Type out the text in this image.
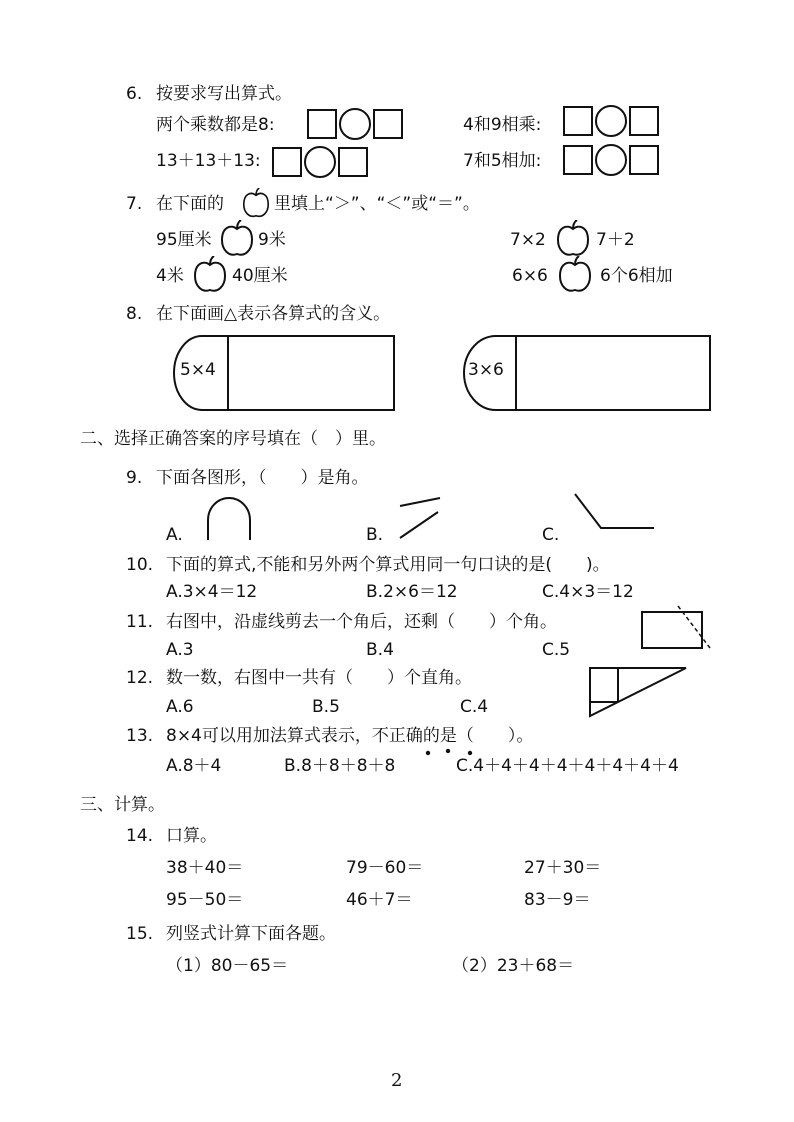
6. 按要求写出算式。
两个乘数都是8:	4和9相乘:
13＋13＋13:	7和5相加:
7. 在下面的	里填上“＞”、“＜”或“＝”。
95厘米	9米	7×2	7＋2
4米	40厘米	6×6	6个6相加
8. 在下面画△表示各算式的含义。
5×4	3×6
二、选择正确答案的序号填在（　）里。
9. 下面各图形，（　　）是角。
A.	B.	C.
10. 下面的算式,不能和另外两个算式用同一句口诀的是(　　)。
A.3×4＝12	B.2×6＝12	C.4×3＝12
11. 右图中，沿虚线剪去一个角后，还剩（　　）个角。
A.3	B.4	C.5
12. 数一数，右图中一共有（　　）个直角。
A.6	B.5	C.4
13. 8×4可以用加法算式表示，不正确的是（　　）。
A.8＋4	B.8＋8＋8＋8	C.4＋4＋4＋4＋4＋4＋4＋4
三、计算。
14. 口算。
38＋40＝	79－60＝	27＋30＝
95－50＝	46＋7＝	83－9＝
15. 列竖式计算下面各题。
（1）80－65＝	（2）23＋68＝
2
